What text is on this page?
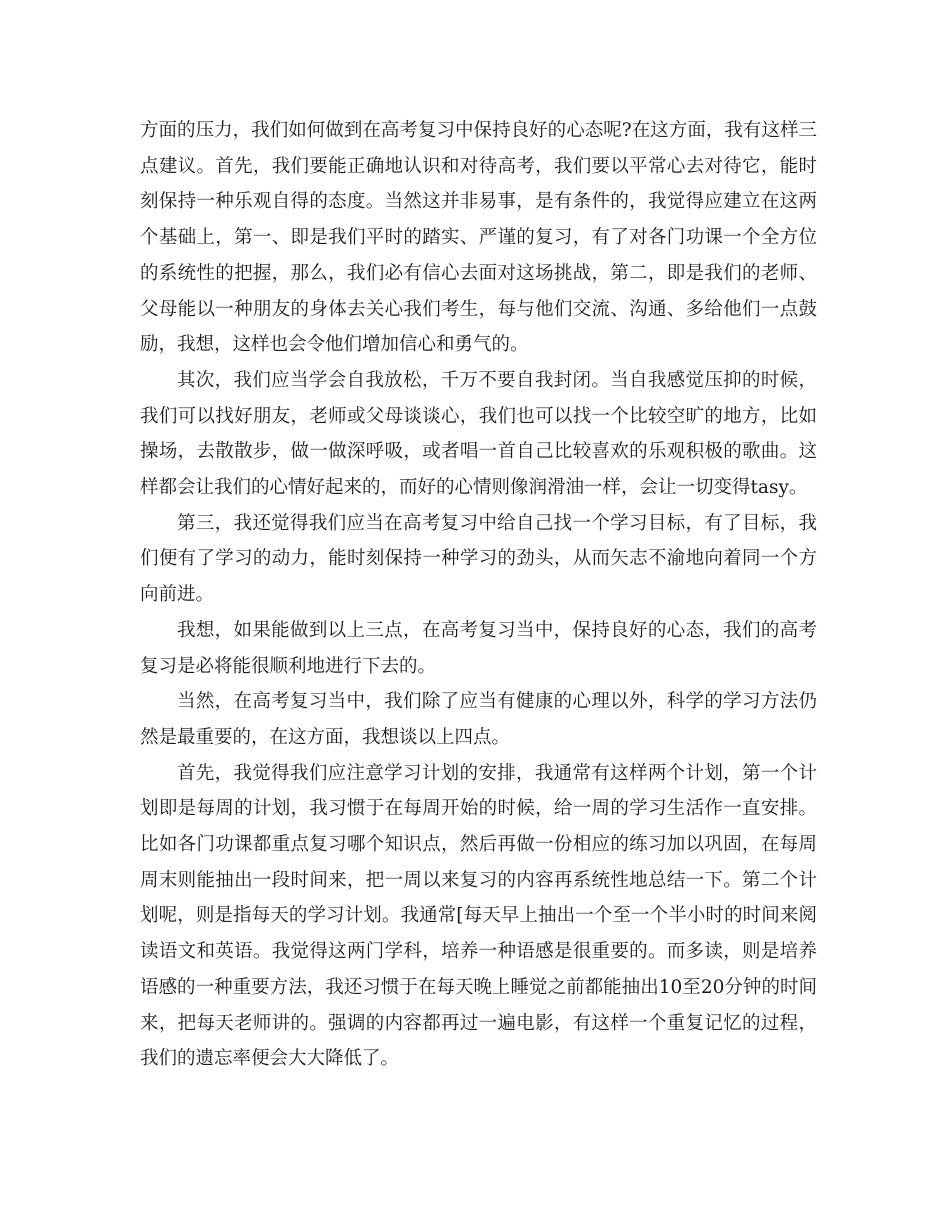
方面的压力，我们如何做到在高考复习中保持良好的心态呢?在这方面，我有这样三点建议。首先，我们要能正确地认识和对待高考，我们要以平常心去对待它，能时刻保持一种乐观自得的态度。当然这并非易事，是有条件的，我觉得应建立在这两个基础上，第一、即是我们平时的踏实、严谨的复习，有了对各门功课一个全方位的系统性的把握，那么，我们必有信心去面对这场挑战，第二，即是我们的老师、父母能以一种朋友的身体去关心我们考生，每与他们交流、沟通、多给他们一点鼓励，我想，这样也会令他们增加信心和勇气的。

其次，我们应当学会自我放松，千万不要自我封闭。当自我感觉压抑的时候，我们可以找好朋友，老师或父母谈谈心，我们也可以找一个比较空旷的地方，比如操场，去散散步，做一做深呼吸，或者唱一首自己比较喜欢的乐观积极的歌曲。这样都会让我们的心情好起来的，而好的心情则像润滑油一样，会让一切变得tasy。

第三，我还觉得我们应当在高考复习中给自己找一个学习目标，有了目标，我们便有了学习的动力，能时刻保持一种学习的劲头，从而矢志不渝地向着同一个方向前进。

我想，如果能做到以上三点，在高考复习当中，保持良好的心态，我们的高考复习是必将能很顺利地进行下去的。

当然，在高考复习当中，我们除了应当有健康的心理以外，科学的学习方法仍然是最重要的，在这方面，我想谈以上四点。

首先，我觉得我们应注意学习计划的安排，我通常有这样两个计划，第一个计划即是每周的计划，我习惯于在每周开始的时候，给一周的学习生活作一直安排。比如各门功课都重点复习哪个知识点，然后再做一份相应的练习加以巩固，在每周周末则能抽出一段时间来，把一周以来复习的内容再系统性地总结一下。第二个计划呢，则是指每天的学习计划。我通常[每天早上抽出一个至一个半小时的时间来阅读语文和英语。我觉得这两门学科，培养一种语感是很重要的。而多读，则是培养语感的一种重要方法，我还习惯于在每天晚上睡觉之前都能抽出10至20分钟的时间来，把每天老师讲的。强调的内容都再过一遍电影，有这样一个重复记忆的过程，我们的遗忘率便会大大降低了。
